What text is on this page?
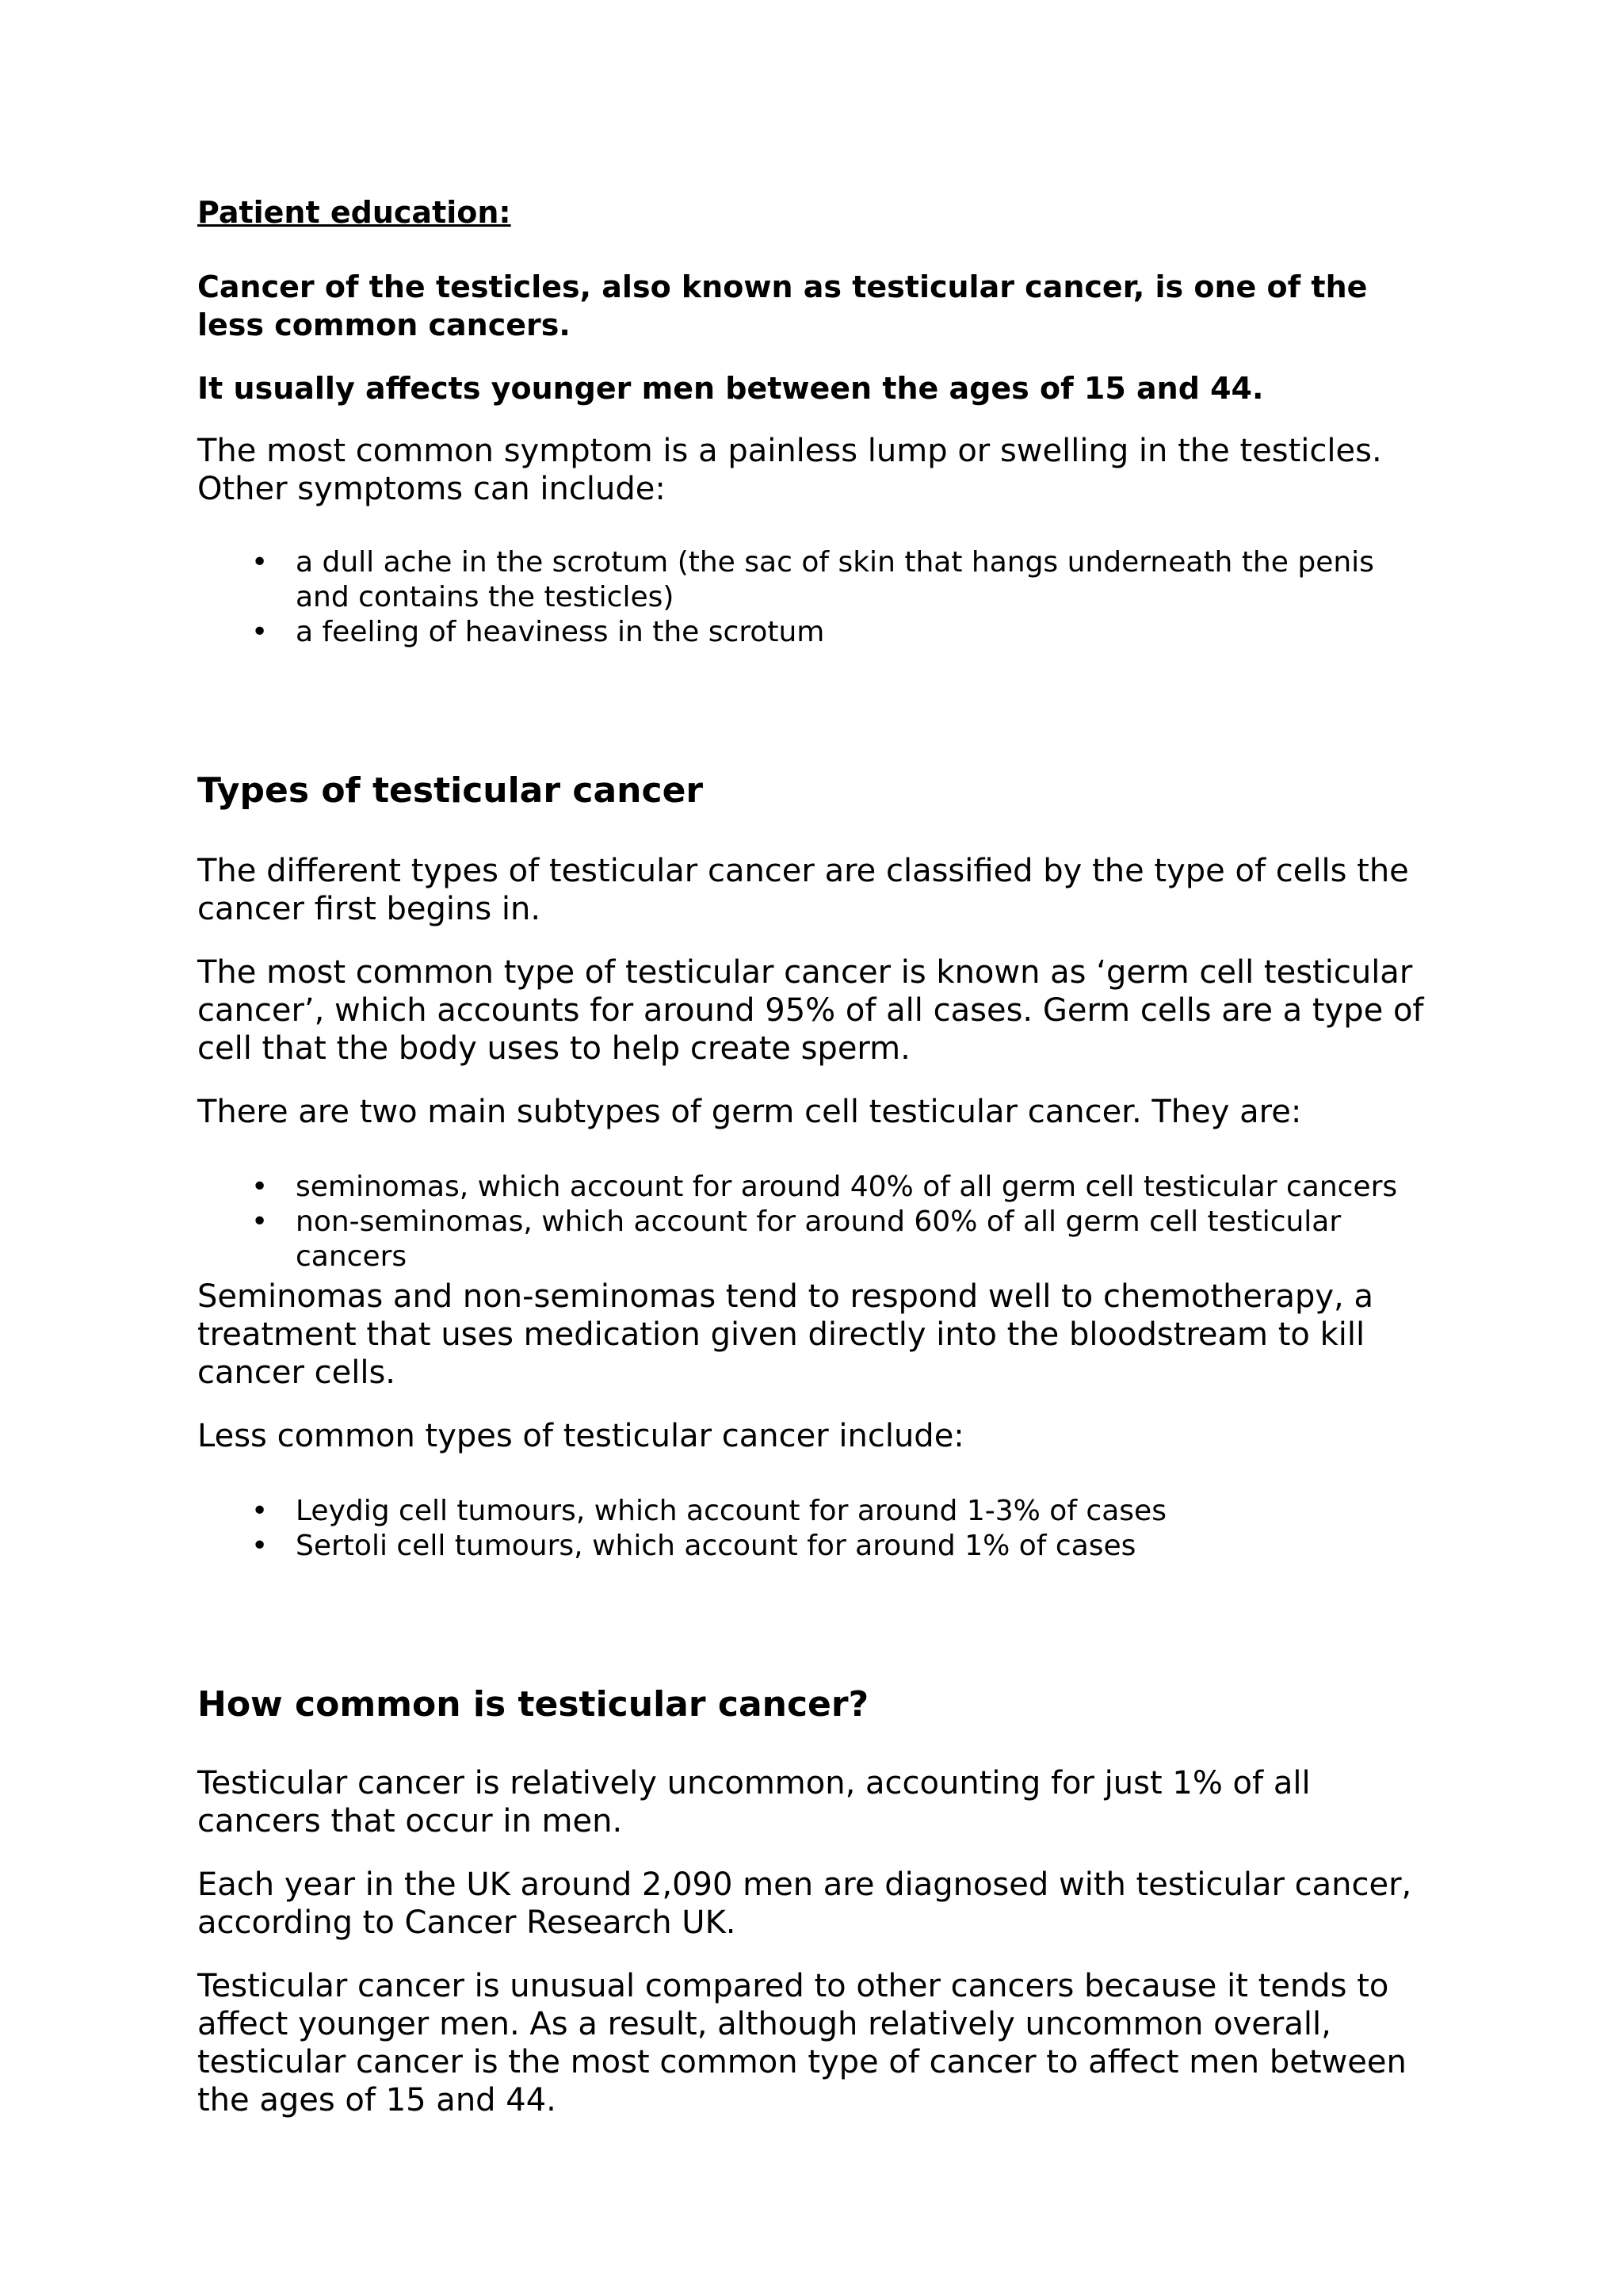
Patient education:

Cancer of the testicles, also known as testicular cancer, is one of the less common cancers.

It usually affects younger men between the ages of 15 and 44.

The most common symptom is a painless lump or swelling in the testicles. Other symptoms can include:

• a dull ache in the scrotum (the sac of skin that hangs underneath the penis and contains the testicles)
• a feeling of heaviness in the scrotum
Types of testicular cancer

The different types of testicular cancer are classified by the type of cells the cancer first begins in.

The most common type of testicular cancer is known as ‘germ cell testicular cancer’, which accounts for around 95% of all cases. Germ cells are a type of cell that the body uses to help create sperm.

There are two main subtypes of germ cell testicular cancer. They are:

• seminomas, which account for around 40% of all germ cell testicular cancers
• non-seminomas, which account for around 60% of all germ cell testicular cancers

Seminomas and non-seminomas tend to respond well to chemotherapy, a treatment that uses medication given directly into the bloodstream to kill cancer cells.

Less common types of testicular cancer include:

• Leydig cell tumours, which account for around 1-3% of cases
• Sertoli cell tumours, which account for around 1% of cases
How common is testicular cancer?

Testicular cancer is relatively uncommon, accounting for just 1% of all cancers that occur in men.

Each year in the UK around 2,090 men are diagnosed with testicular cancer, according to Cancer Research UK.

Testicular cancer is unusual compared to other cancers because it tends to affect younger men. As a result, although relatively uncommon overall, testicular cancer is the most common type of cancer to affect men between the ages of 15 and 44.
